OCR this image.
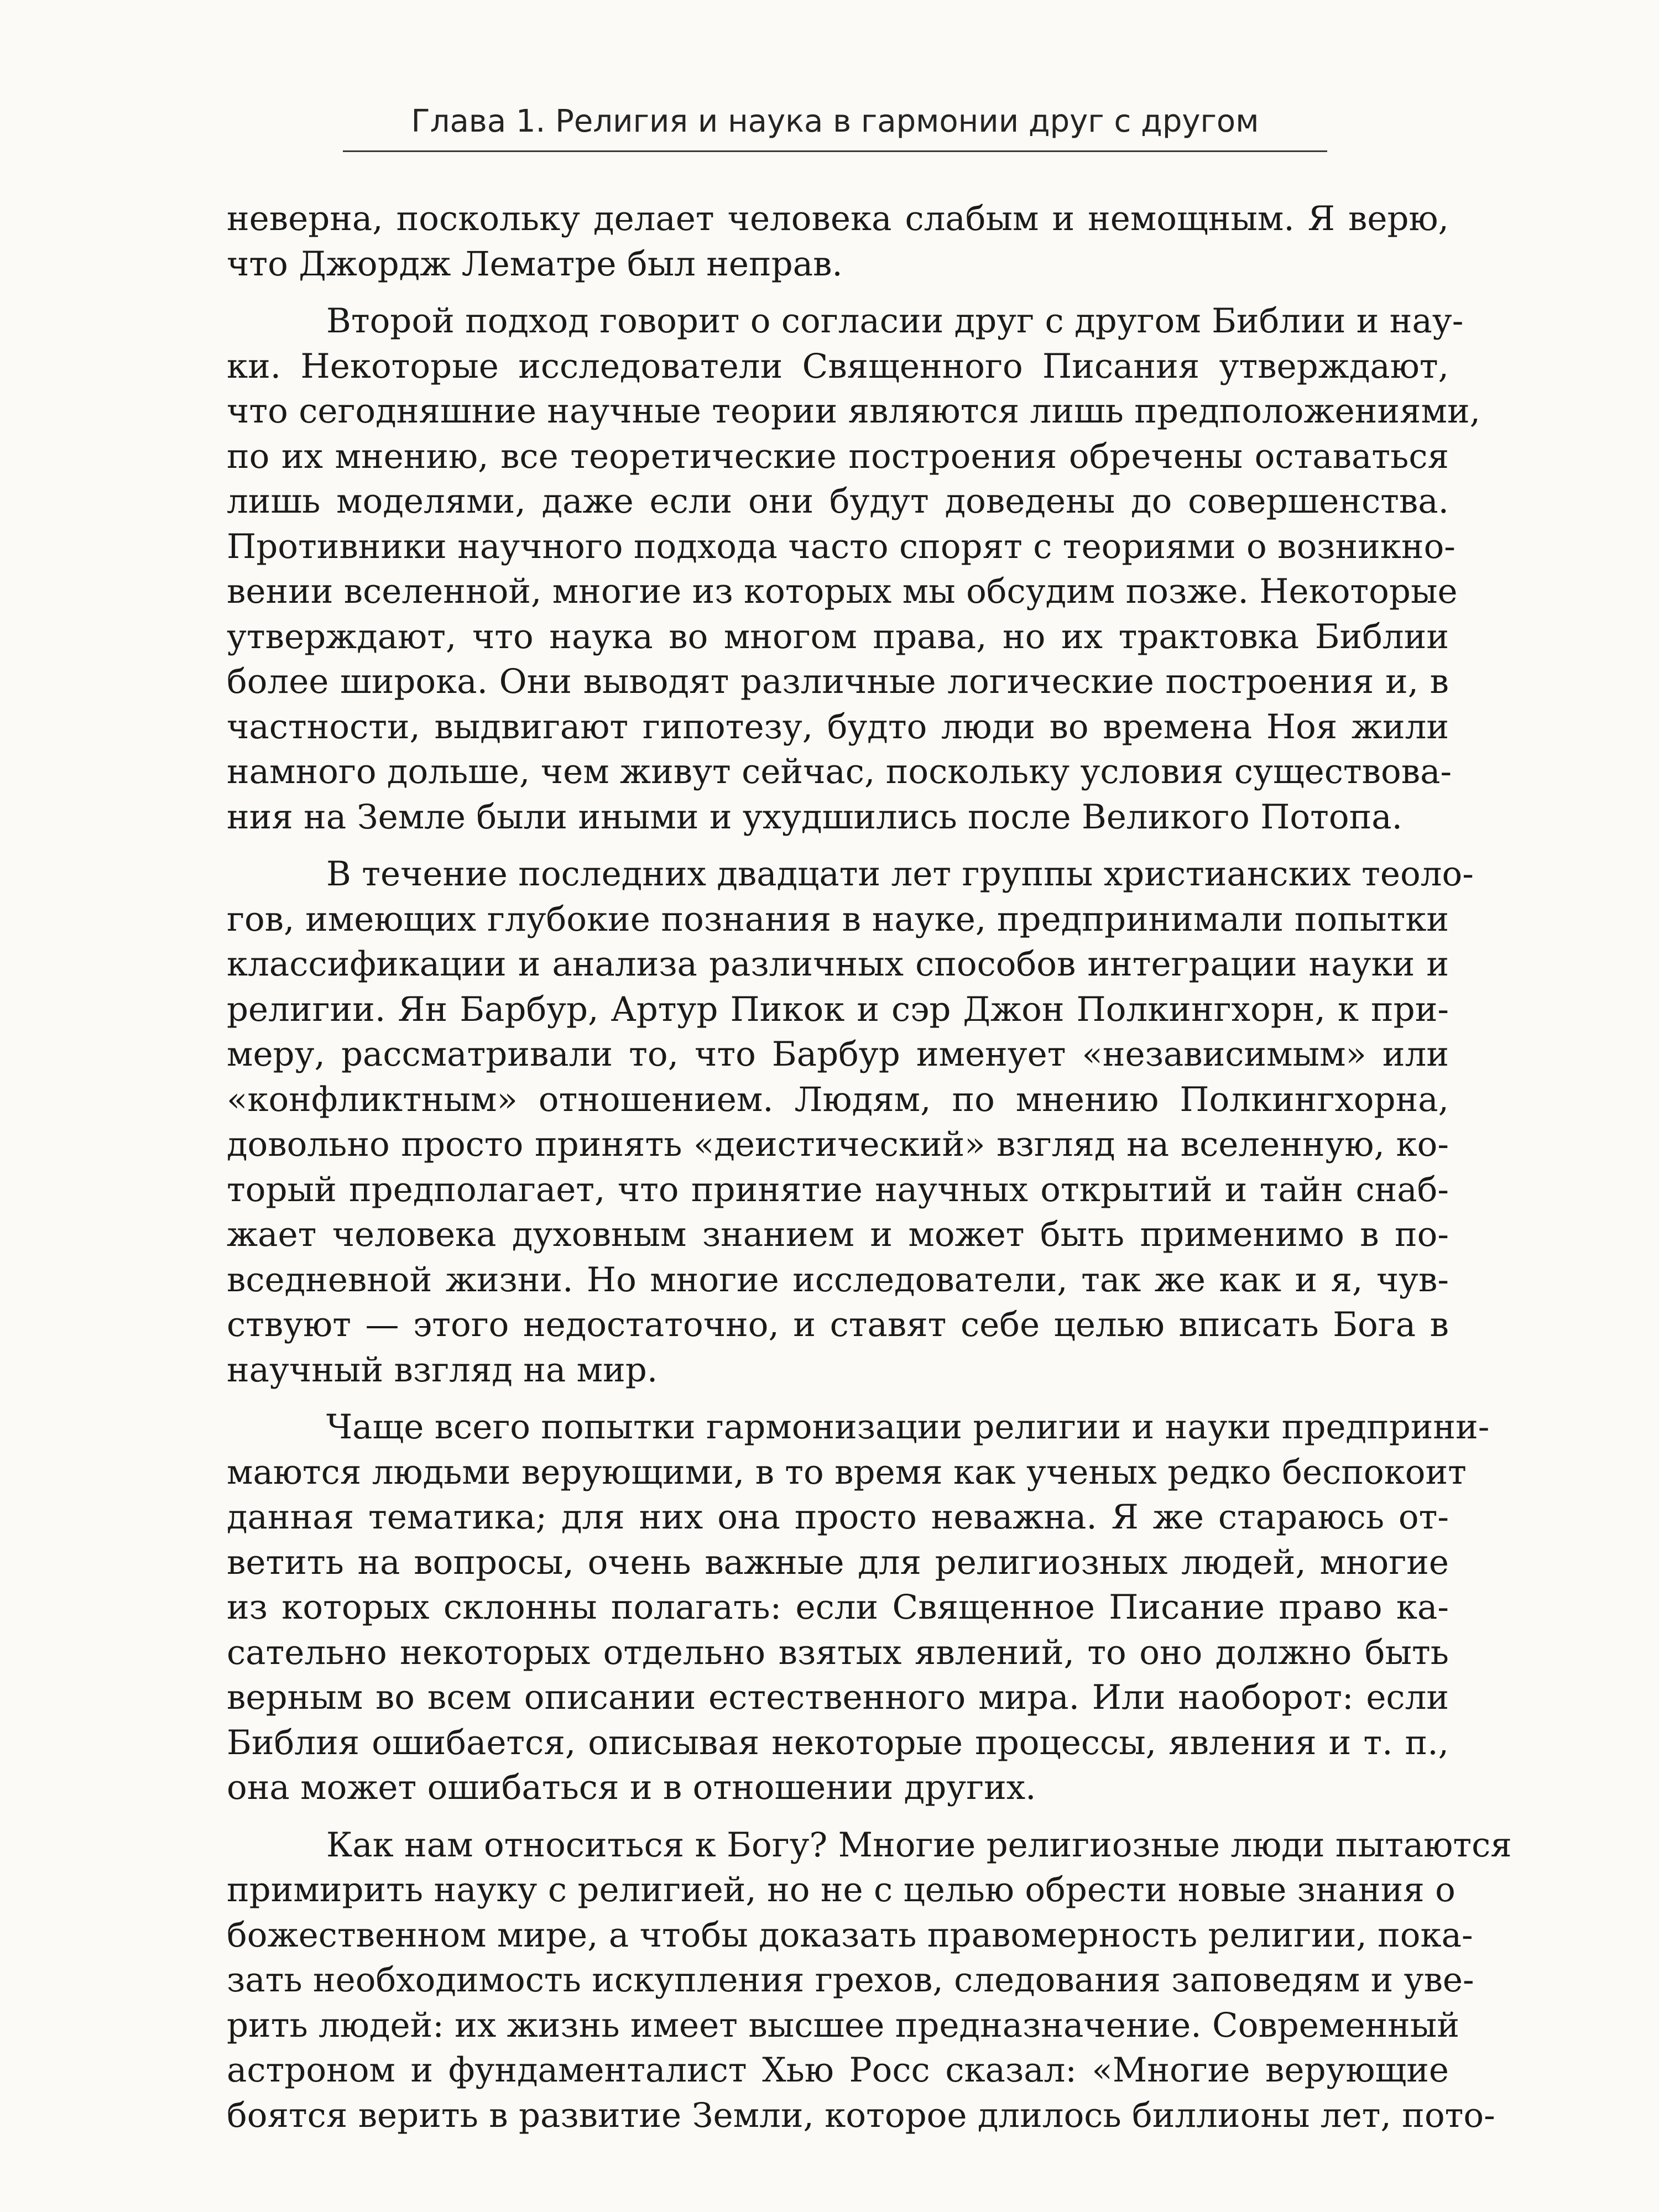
Глава 1. Религия и наука в гармонии друг с другом
неверна, поскольку делает человека слабым и немощным. Я верю,
что Джордж Лематре был неправ.
Второй подход говорит о согласии друг с другом Библии и нау-
ки. Некоторые исследователи Священного Писания утверждают,
что сегодняшние научные теории являются лишь предположениями,
по их мнению, все теоретические построения обречены оставаться
лишь моделями, даже если они будут доведены до совершенства.
Противники научного подхода часто спорят с теориями о возникно-
вении вселенной, многие из которых мы обсудим позже. Некоторые
утверждают, что наука во многом права, но их трактовка Библии
более широка. Они выводят различные логические построения и, в
частности, выдвигают гипотезу, будто люди во времена Ноя жили
намного дольше, чем живут сейчас, поскольку условия существова-
ния на Земле были иными и ухудшились после Великого Потопа.
В течение последних двадцати лет группы христианских теоло-
гов, имеющих глубокие познания в науке, предпринимали попытки
классификации и анализа различных способов интеграции науки и
религии. Ян Барбур, Артур Пикок и сэр Джон Полкингхорн, к при-
меру, рассматривали то, что Барбур именует «независимым» или
«конфликтным» отношением. Людям, по мнению Полкингхорна,
довольно просто принять «деистический» взгляд на вселенную, ко-
торый предполагает, что принятие научных открытий и тайн снаб-
жает человека духовным знанием и может быть применимо в по-
вседневной жизни. Но многие исследователи, так же как и я, чув-
ствуют — этого недостаточно, и ставят себе целью вписать Бога в
научный взгляд на мир.
Чаще всего попытки гармонизации религии и науки предприни-
маются людьми верующими, в то время как ученых редко беспокоит
данная тематика; для них она просто неважна. Я же стараюсь от-
ветить на вопросы, очень важные для религиозных людей, многие
из которых склонны полагать: если Священное Писание право ка-
сательно некоторых отдельно взятых явлений, то оно должно быть
верным во всем описании естественного мира. Или наоборот: если
Библия ошибается, описывая некоторые процессы, явления и т. п.,
она может ошибаться и в отношении других.
Как нам относиться к Богу? Многие религиозные люди пытаются
примирить науку с религией, но не с целью обрести новые знания о
божественном мире, а чтобы доказать правомерность религии, пока-
зать необходимость искупления грехов, следования заповедям и уве-
рить людей: их жизнь имеет высшее предназначение. Современный
астроном и фундаменталист Хью Росс сказал: «Многие верующие
боятся верить в развитие Земли, которое длилось биллионы лет, пото-
